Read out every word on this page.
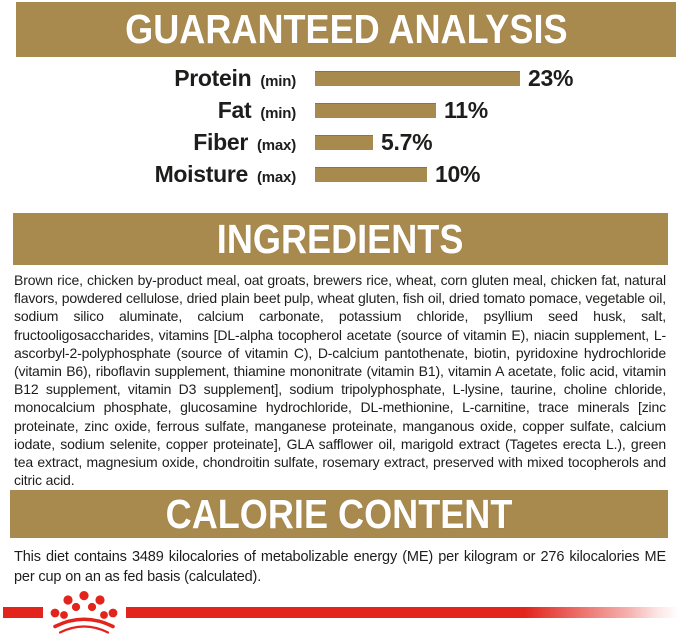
GUARANTEED ANALYSIS
Protein (min)	23%
Fat (min)	11%
Fiber (max)	5.7%
Moisture (max)	10%
INGREDIENTS
Brown rice, chicken by-product meal, oat groats, brewers rice, wheat, corn gluten meal, chicken fat, natural flavors, powdered cellulose, dried plain beet pulp, wheat gluten, fish oil, dried tomato pomace, vegetable oil, sodium silico aluminate, calcium carbonate, potassium chloride, psyllium seed husk, salt, fructooligosaccharides, vitamins [DL-alpha tocopherol acetate (source of vitamin E), niacin supplement, L-ascorbyl-2-polyphosphate (source of vitamin C), D-calcium pantothenate, biotin, pyridoxine hydrochloride (vitamin B6), riboflavin supplement, thiamine mononitrate (vitamin B1), vitamin A acetate, folic acid, vitamin B12 supplement, vitamin D3 supplement], sodium tripolyphosphate, L-lysine, taurine, choline chloride, monocalcium phosphate, glucosamine hydrochloride, DL-methionine, L-carnitine, trace minerals [zinc proteinate, zinc oxide, ferrous sulfate, manganese proteinate, manganous oxide, copper sulfate, calcium iodate, sodium selenite, copper proteinate], GLA safflower oil, marigold extract (Tagetes erecta L.), green tea extract, magnesium oxide, chondroitin sulfate, rosemary extract, preserved with mixed tocopherols and citric acid.
CALORIE CONTENT
This diet contains 3489 kilocalories of metabolizable energy (ME) per kilogram or 276 kilocalories ME per cup on an as fed basis (calculated).
